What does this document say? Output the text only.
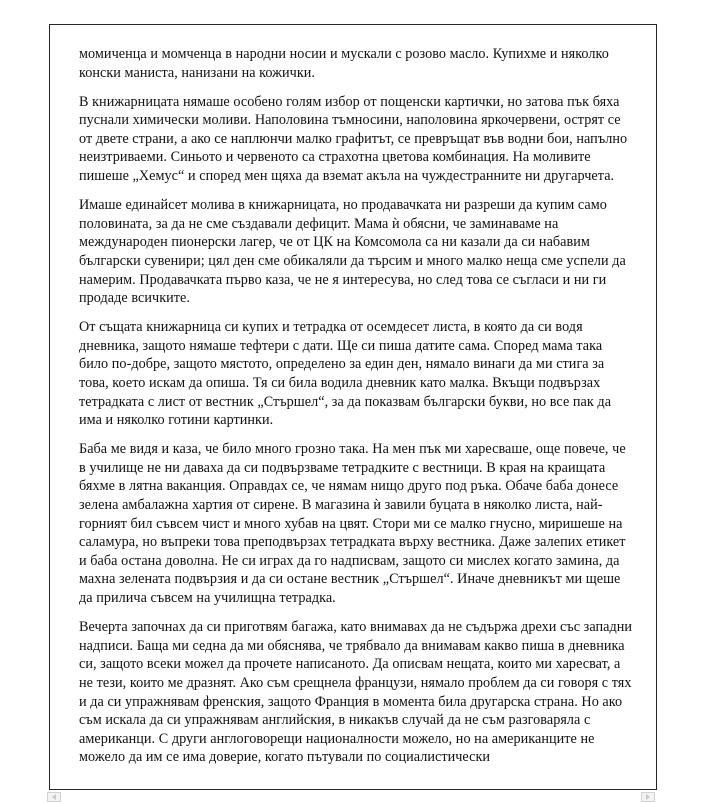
момиченца и момченца в народни носии и мускали с розово масло. Купихме и няколко конски маниста, нанизани на кожички.

В книжарницата нямаше особено голям избор от пощенски картички, но затова пък бяха пуснали химически моливи. Наполовина тъмносини, наполовина яркочервени, острят се от двете страни, а ако се наплюнчи малко графитът, се превръщат във водни бои, напълно неизтриваеми. Синьото и червеното са страхотна цветова комбинация. На моливите пишеше „Хемус“ и според мен щяха да вземат акъла на чуждестранните ни другарчета.

Имаше единайсет молива в книжарницата, но продавачката ни разреши да купим само половината, за да не сме създавали дефицит. Мама ѝ обясни, че заминаваме на международен пионерски лагер, че от ЦК на Комсомола са ни казали да си набавим български сувенири; цял ден сме обикаляли да търсим и много малко неща сме успели да намерим. Продавачката първо каза, че не я интересува, но след това се съгласи и ни ги продаде всичките.

От същата книжарница си купих и тетрадка от осемдесет листа, в която да си водя дневника, защото нямаше тефтери с дати. Ще си пиша датите сама. Според мама така било по-добре, защото мястото, определено за един ден, нямало винаги да ми стига за това, което искам да опиша. Тя си била водила дневник като малка. Вкъщи подвързах тетрадката с лист от вестник „Стършел“, за да показвам български букви, но все пак да има и няколко готини картинки.

Баба ме видя и каза, че било много грозно така. На мен пък ми харесваше, още повече, че в училище не ни даваха да си подвързваме тетрадките с вестници. В края на краищата бяхме в лятна ваканция. Оправдах се, че нямам нищо друго под ръка. Обаче баба донесе зелена амбалажна хартия от сирене. В магазина ѝ завили буцата в няколко листа, най-горният бил съвсем чист и много хубав на цвят. Стори ми се малко гнусно, миришеше на саламура, но въпреки това преподвързах тетрадката върху вестника. Даже залепих етикет и баба остана доволна. Не си играх да го надписвам, защото си мислех когато замина, да махна зелената подвързия и да си остане вестник „Стършел“. Иначе дневникът ми щеше да прилича съвсем на училищна тетрадка.

Вечерта започнах да си приготвям багажа, като внимавах да не съдържа дрехи със западни надписи. Баща ми седна да ми обяснява, че трябвало да внимавам какво пиша в дневника си, защото всеки можел да прочете написаното. Да описвам нещата, които ми харесват, а не тези, които ме дразнят. Ако съм срещнела французи, нямало проблем да си говоря с тях и да си упражнявам френския, защото Франция в момента била другарска страна. Но ако съм искала да си упражнявам английския, в никакъв случай да не съм разговаряла с американци. С други англоговорещи националности можело, но на американците не можело да им се има доверие, когато пътували по социалистически
